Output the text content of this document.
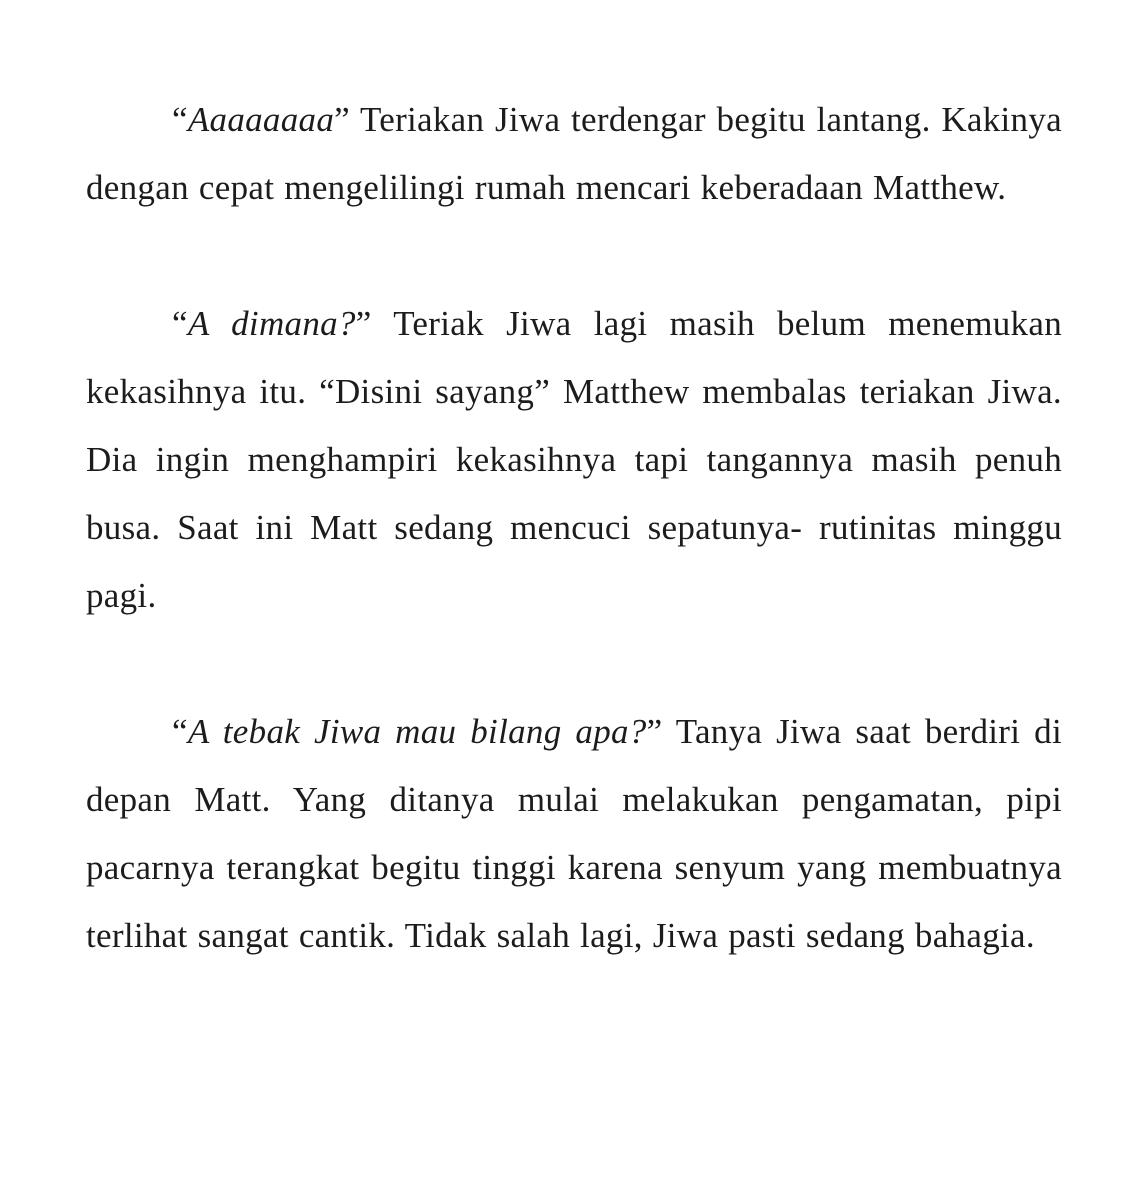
“Aaaaaaaa” Teriakan Jiwa terdengar begitu lantang. Kakinya dengan cepat mengelilingi rumah mencari keberadaan Matthew.

“A dimana?” Teriak Jiwa lagi masih belum menemukan kekasihnya itu. “Disini sayang” Matthew membalas teriakan Jiwa. Dia ingin menghampiri kekasihnya tapi tangannya masih penuh busa. Saat ini Matt sedang mencuci sepatunya- rutinitas minggu pagi.

“A tebak Jiwa mau bilang apa?” Tanya Jiwa saat berdiri di depan Matt. Yang ditanya mulai melakukan pengamatan, pipi pacarnya terangkat begitu tinggi karena senyum yang membuatnya terlihat sangat cantik. Tidak salah lagi, Jiwa pasti sedang bahagia.
